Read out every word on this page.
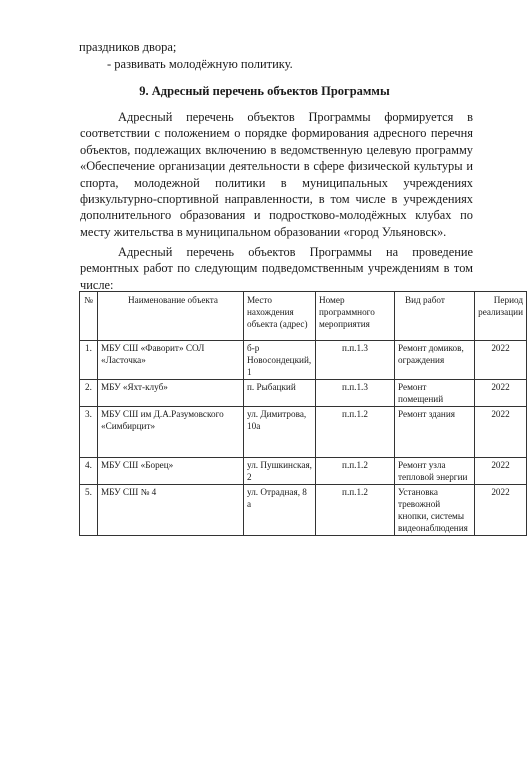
праздников двора;
- развивать молодёжную политику.
9. Адресный перечень объектов Программы
Адресный перечень объектов Программы формируется в соответствии с положением о порядке формирования адресного перечня объектов, подлежащих включению в ведомственную целевую программу «Обеспечение организации деятельности в сфере физической культуры и спорта, молодежной политики в муниципальных учреждениях физкультурно-спортивной направленности, в том числе в учреждениях дополнительного образования и подростково-молодёжных клубах по месту жительства в муниципальном образовании «город Ульяновск».
Адресный перечень объектов Программы на проведение ремонтных работ по следующим подведомственным учреждениям в том числе:
№	Наименование объекта	Место нахождения объекта (адрес)	Номер программного мероприятия	Вид работ	Период реализации
1.	МБУ СШ «Фаворит» СОЛ «Ласточка»	б-р Новосондецкий, 1	п.п.1.3	Ремонт домиков, ограждения	2022
2.	МБУ «Яхт-клуб»	п. Рыбацкий	п.п.1.3	Ремонт помещений	2022
3.	МБУ СШ им Д.А.Разумовского «Симбирцит»	ул. Димитрова, 10а	п.п.1.2	Ремонт здания	2022
4.	МБУ СШ «Борец»	ул. Пушкинская, 2	п.п.1.2	Ремонт узла тепловой энергии	2022
5.	МБУ СШ № 4	ул. Отрадная, 8 а	п.п.1.2	Установка тревожной кнопки, системы видеонаблюдения	2022
